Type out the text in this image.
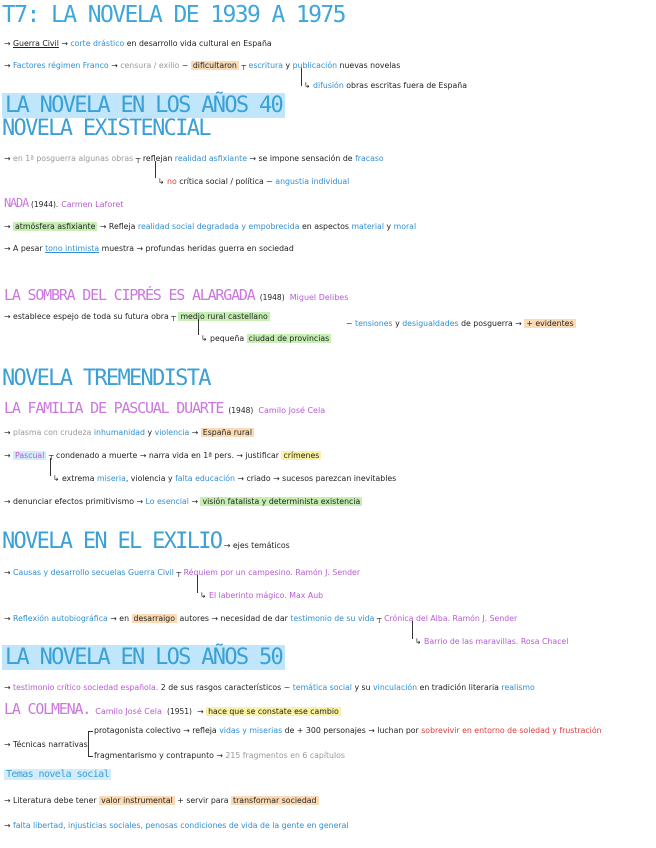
T7: LA NOVELA DE 1939 A 1975
→ Guerra Civil → corte drástico en desarrollo vida cultural en España
→ Factores régimen Franco → censura / exilio ~ dificultaron ┬ escritura y publicación nuevas novelas
↳ difusión obras escritas fuera de España
LA NOVELA EN LOS AÑOS 40
NOVELA EXISTENCIAL
→ en 1ª posguerra algunas obras ┬ reflejan realidad asfixiante → se impone sensación de fracaso
↳ no crítica social / política ~ angustia individual
NADA (1944). Carmen Laforet
→ atmósfera asfixiante → Refleja realidad social degradada y empobrecida en aspectos material y moral
→ A pesar tono intimista muestra → profundas heridas guerra en sociedad
LA SOMBRA DEL CIPRÉS ES ALARGADA (1948) Miguel Delibes
→ establece espejo de toda su futura obra ┬ medio rural castellano
~ tensiones y desigualdades de posguerra → + evidentes
↳ pequeña ciudad de provincias
NOVELA TREMENDISTA
LA FAMILIA DE PASCUAL DUARTE (1948) Camilo José Cela
→ plasma con crudeza inhumanidad y violencia → España rural
→ Pascual ┬ condenado a muerte → narra vida en 1ª pers. → justificar crímenes
↳ extrema miseria, violencia y falta educación → criado → sucesos parezcan inevitables
→ denunciar efectos primitivismo → Lo esencial → visión fatalista y determinista existencia
NOVELA EN EL EXILIO → ejes temáticos
→ Causas y desarrollo secuelas Guerra Civil ┬ Réquiem por un campesino. Ramón J. Sender
↳ El laberinto mágico. Max Aub
→ Reflexión autobiográfica → en desarraigo autores → necesidad de dar testimonio de su vida ┬ Crónica del Alba. Ramón J. Sender
↳ Barrio de las maravillas. Rosa Chacel
LA NOVELA EN LOS AÑOS 50
→ testimonio crítico sociedad española. 2 de sus rasgos característicos ~ temática social y su vinculación en tradición literaria realismo
LA COLMENA. Camilo José Cela (1951) → hace que se constate ese cambio
→ Técnicas narrativas
protagonista colectivo → refleja vidas y miserias de + 300 personajes → luchan por sobrevivir en entorno de soledad y frustración
fragmentarismo y contrapunto → 215 fragmentos en 6 capítulos
Temas novela social
→ Literatura debe tener valor instrumental + servir para transformar sociedad
→ falta libertad, injusticias sociales, penosas condiciones de vida de la gente en general
